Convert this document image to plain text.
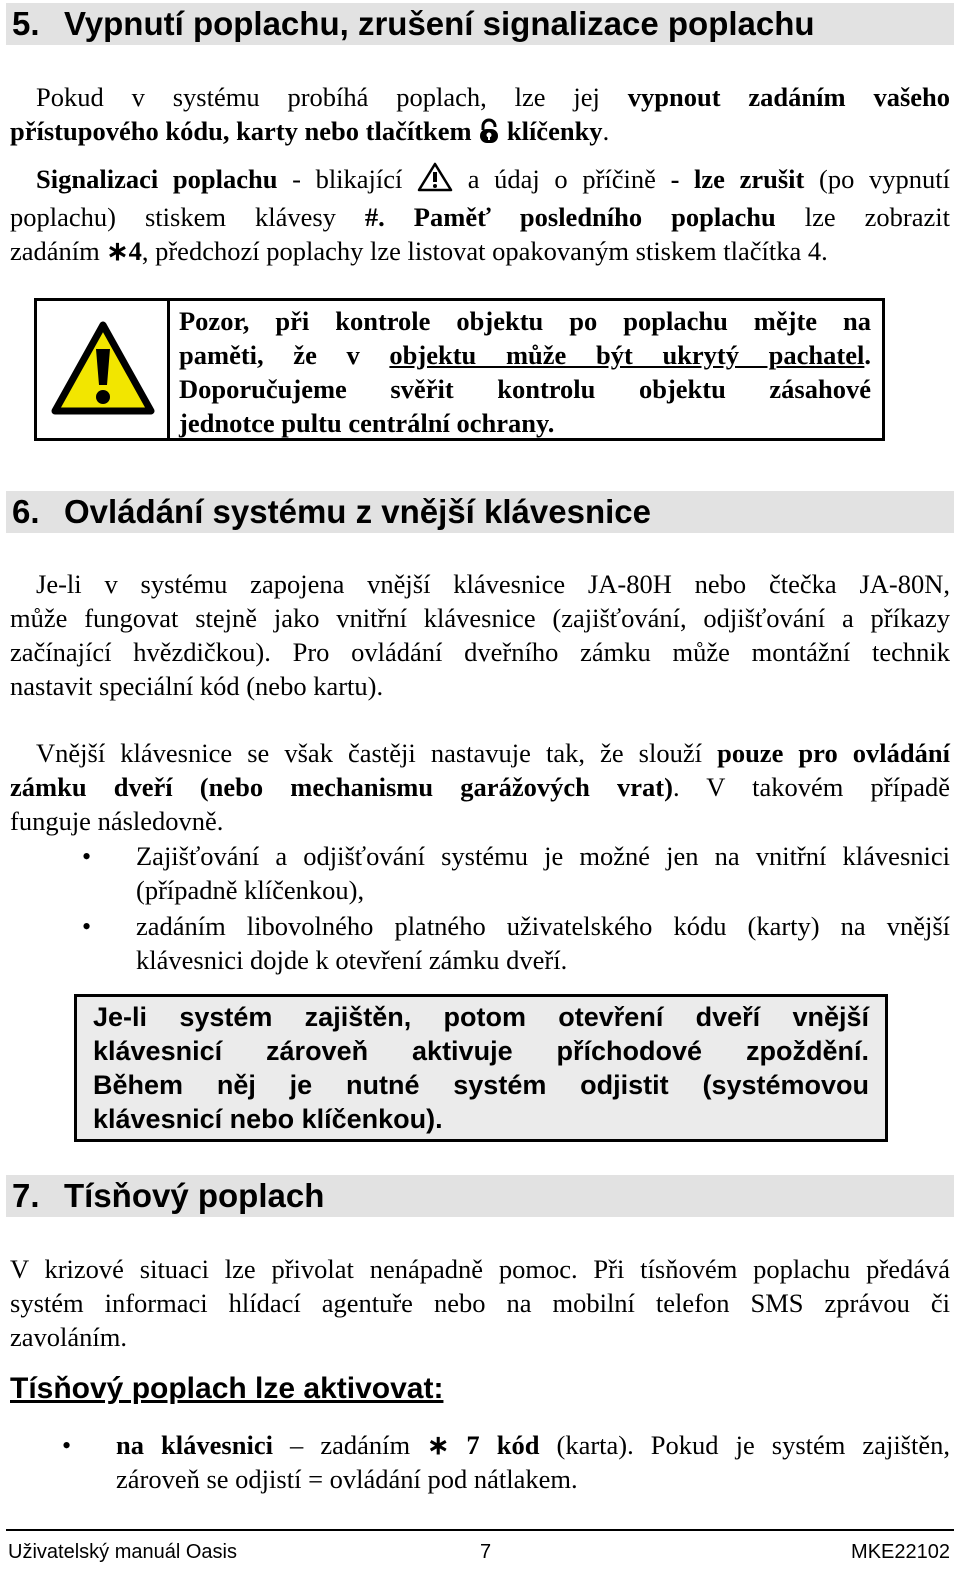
5. Vypnutí poplachu, zrušení signalizace poplachu
Pokud v systému probíhá poplach, lze jej vypnout zadáním vašeho
přístupového kódu, karty nebo tlačítkem  klíčenky.
Signalizaci poplachu - blikající  a údaj o příčině - lze zrušit (po vypnutí
poplachu) stiskem klávesy #. Paměť posledního poplachu lze zobrazit
zadáním ∗4, předchozí poplachy lze listovat opakovaným stiskem tlačítka 4.
Pozor, při kontrole objektu po poplachu mějte na
paměti, že v objektu může být ukrytý pachatel.
Doporučujeme svěřit kontrolu objektu zásahové
jednotce pultu centrální ochrany.
6. Ovládání systému z vnější klávesnice
Je-li v systému zapojena vnější klávesnice JA-80H nebo čtečka JA-80N,
může fungovat stejně jako vnitřní klávesnice (zajišťování, odjišťování a příkazy
začínající hvězdičkou). Pro ovládání dveřního zámku může montážní technik
nastavit speciální kód (nebo kartu).
Vnější klávesnice se však častěji nastavuje tak, že slouží pouze pro ovládání
zámku dveří (nebo mechanismu garážových vrat). V takovém případě
funguje následovně.
• Zajišťování a odjišťování systému je možné jen na vnitřní klávesnici
(případně klíčenkou),
• zadáním libovolného platného uživatelského kódu (karty) na vnější
klávesnici dojde k otevření zámku dveří.
Je-li systém zajištěn, potom otevření dveří vnější
klávesnicí zároveň aktivuje příchodové zpoždění.
Během něj je nutné systém odjistit (systémovou
klávesnicí nebo klíčenkou).
7. Tísňový poplach
V krizové situaci lze přivolat nenápadně pomoc. Při tísňovém poplachu předává
systém informaci hlídací agentuře nebo na mobilní telefon SMS zprávou či
zavoláním.
Tísňový poplach lze aktivovat:
• na klávesnici – zadáním ∗ 7 kód (karta). Pokud je systém zajištěn,
zároveň se odjistí = ovládání pod nátlakem.
Uživatelský manuál Oasis	7	MKE22102
